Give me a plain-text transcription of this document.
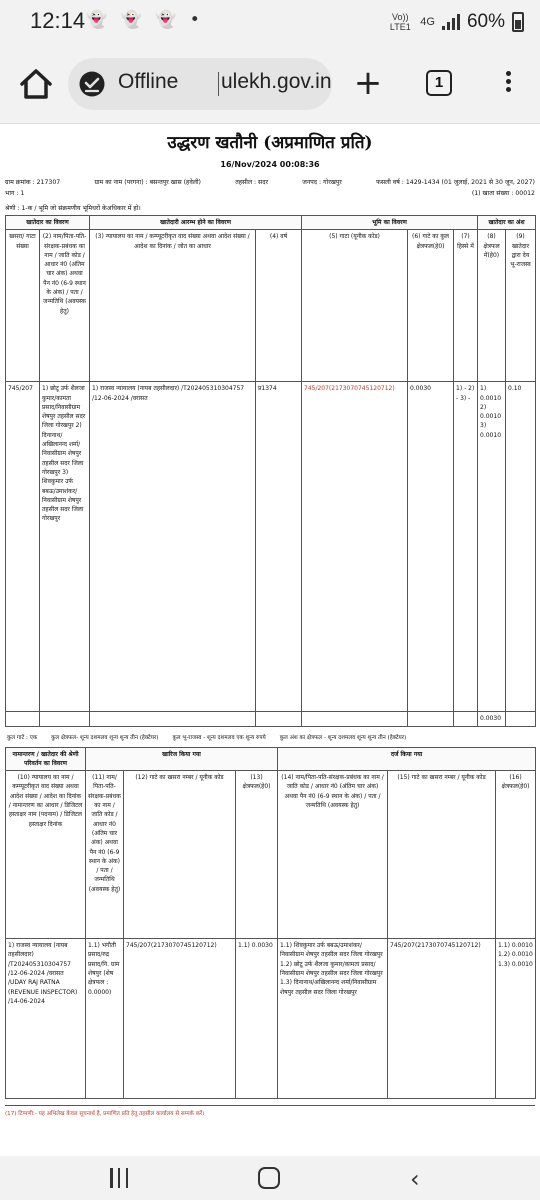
12:14 👻 👻 👻 •	Vo)) LTE1 4G 60%
Offline ulekh.gov.in +	1
उद्धरण खतौनी (अप्रमाणित प्रति)
16/Nov/2024 00:08:36
ग्राम क्रमांक : 217307	ग्राम का नाम (परगना) : बसन्तपुर खास (हवेली)	तहसील : सदर	जनपद : गोरखपुर	फसली वर्ष : 1429-1434 (01 जुलाई, 2021 से 30 जून, 2027)
भाग : 1	(1) खाता संख्या : 00012
श्रेणी : 1-क / भूमि जो संक्रमणीय भूमिधरों केअधिकार में हो।
खातेदार का विवरण		खातेदारी आरम्भ होने का विवरण		भूमि का विवरण			खातेदार का अंश	
खसरा/ गाटा संख्या	(2) नाम/पिता-पति-संरक्षक-प्रबंधक का नाम / जाति कोड / आधार नं0 (अंतिम चार अंक) अथवा पैन नं0 (6-9 स्थान के अंक) / पता / जन्मतिथि (अवयस्क हेतु)	(3) न्यायालय का नाम / कम्प्यूटरीकृत वाद संख्या अथवा आदेश संख्या / आदेश का दिनांक / जोत का आधार	(4) वर्ष	(5) गाटा (यूनीक कोड)	(6) गाटे का कुल क्षेत्रफल(हे0)	(7) हिस्से में	(8) क्षेत्रफल में(हे0)	(9) खातेदार द्वारा देय भू-राजस्व
745/207	1) छोटू उर्फ शैलजा कुमार/कामता प्रसाद/निवासीग्राम शेषपुर तहसील सदर जिला गोरखपुर 2) दिनानाथ/अखिलानन्द शर्मा/निवासीग्राम शेषपुर तहसील सदर जिला गोरखपुर 3) शिवकुमार उर्फ बबऊ/उमाशंकर/निवासीग्राम शेषपुर तहसील सदर जिला गोरखपुर	1) राजस्व न्यायालय (नायब तहसीलदार) /T202405310304757 /12-06-2024 /वरासत	प्र1374	745/207(2173070745120712)	0.0030	1) - 2) - 3) -	1) 0.0010 2) 0.0010 3) 0.0010	0.10
							0.0030	
कुल गाटे : एक	कुल क्षेत्रफल- शून्य दशमलव शून्य शून्य तीन (हेक्टेयर)	कुल भू-राजस्व - शून्य दशमलव एक शून्य रुपये	कुल अंश का क्षेत्रफल - शून्य दशमलव शून्य शून्य तीन (हेक्टेयर)
नामान्तरण / खातेदार की श्रेणी परिवर्तन का विवरण	खारिज किया गया			दर्ज किया गया		
(10) न्यायालय का नाम / कम्प्यूटरीकृत वाद संख्या अथवा आदेश संख्या / आदेश का दिनांक / नामान्तरण का आधार / डिजिटल हस्ताक्षर नाम (पदनाम) / डिजिटल हस्ताक्षर दिनांक	(11) नाम/ पिता-पति-संरक्षक-प्रबंधक का नाम / जाति कोड / आधार नं0 (अंतिम चार अंक) अथवा पैन नं0 (6-9 स्थान के अंक) / पता / जन्मतिथि (अवयस्क हेतु)	(12) गाटे का खसरा नम्बर / यूनीक कोड	(13) क्षेत्रफल(हे0)	(14) नाम/पिता-पति-संरक्षक-प्रबंधक का नाम / जाति कोड / आधार नं0 (अंतिम चार अंक) अथवा पैन नं0 (6-9 स्थान के अंक) / पता / जन्मतिथि (अवयस्क हेतु)	(15) गाटे का खसरा नम्बर / यूनीक कोड	(16) क्षेत्रफल(हे0)
1) राजस्व न्यायालय (नायब तहसीलदार) /T202405310304757 /12-06-2024 /वरासत /UDAY RAJ RATNA (REVENUE INSPECTOR) /14-06-2024	1.1) भगौती प्रसाद/रुद्र प्रसाद/नि. ग्राम शेषपुर (शेष क्षेत्रफल : 0.0000)	745/207(2173070745120712)	1.1) 0.0030	1.1) शिवकुमार उर्फ बबऊ/उमाशंकर/निवासीग्राम शेषपुर तहसील सदर जिला गोरखपुर 1.2) छोटू उर्फ शैलजा कुमार/कामता प्रसाद/निवासीग्राम शेषपुर तहसील सदर जिला गोरखपुर 1.3) दिनानाथ/अखिलानन्द शर्मा/निवासीग्राम शेषपुर तहसील सदर जिला गोरखपुर	745/207(2173070745120712)	1.1) 0.0010 1.2) 0.0010 1.3) 0.0010
(17) टिप्पणी:- यह अभिलेख केवल सूचनार्थ है, प्रमाणित प्रति हेतु तहसील कार्यालय से सम्पर्क करें।
‹
